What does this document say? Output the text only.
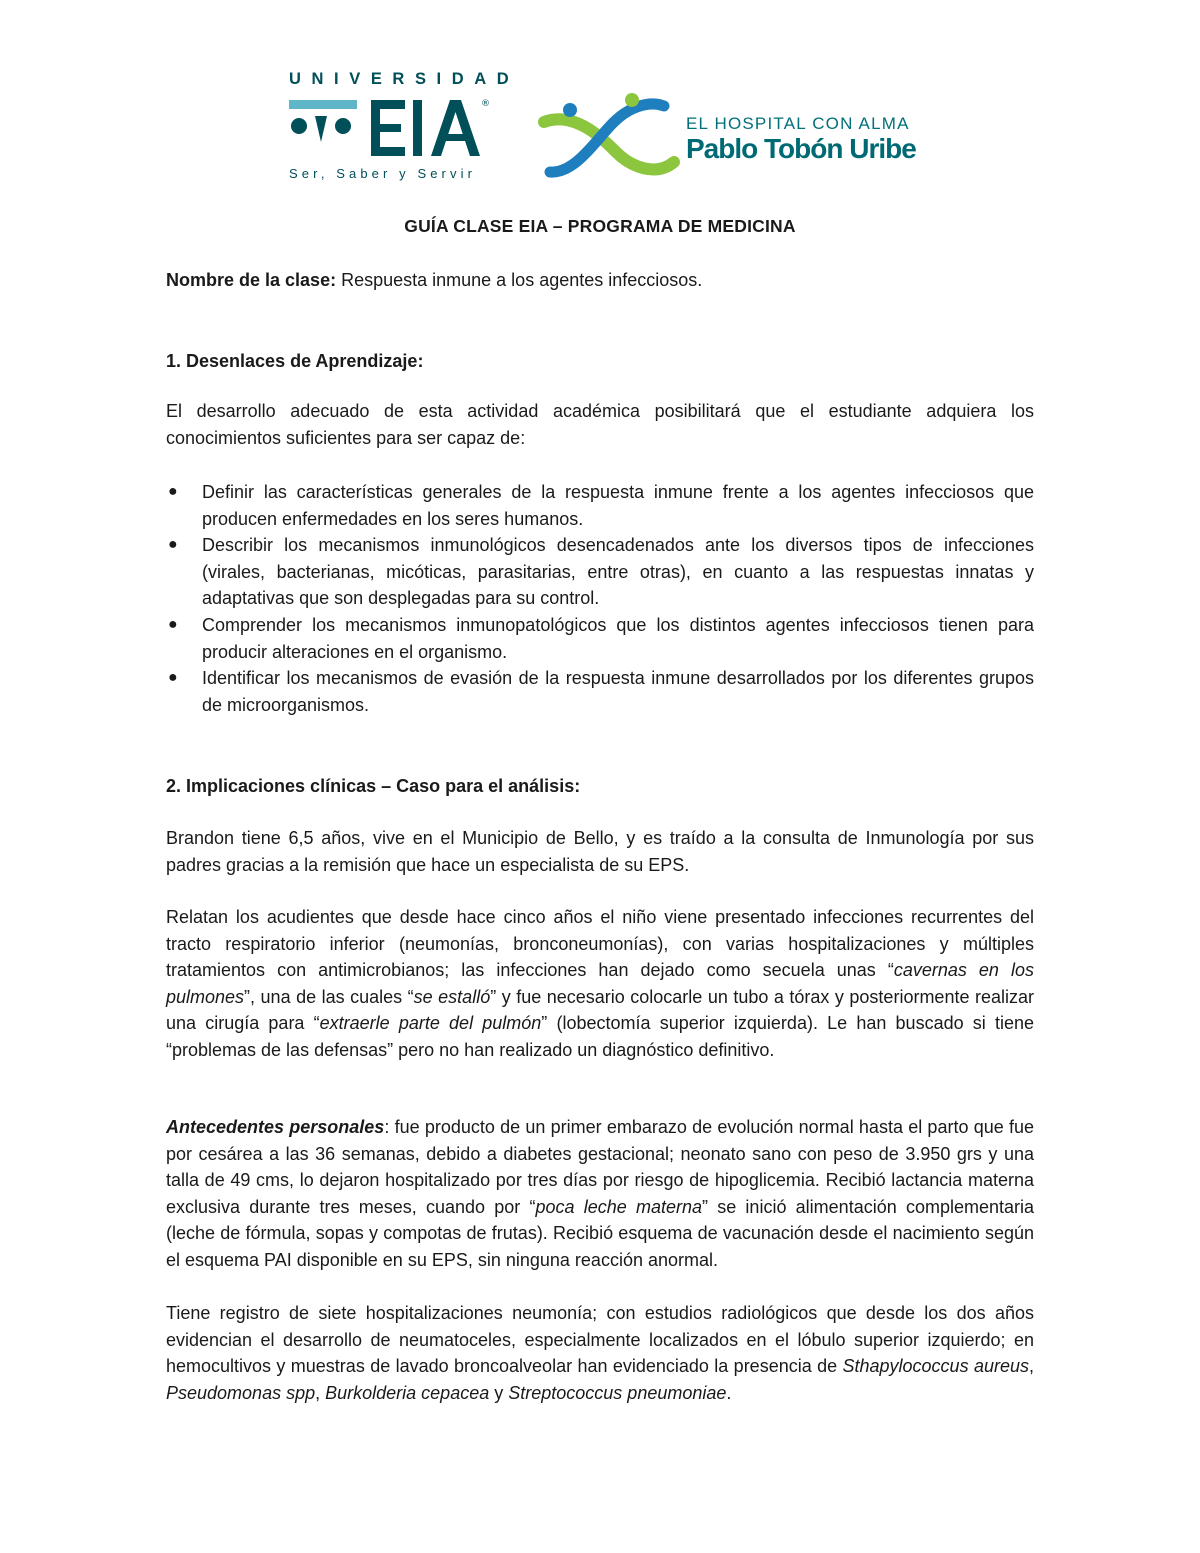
UNIVERSIDAD
®
Ser, Saber y Servir
EL HOSPITAL CON ALMA
Pablo Tobón Uribe
GUÍA CLASE EIA – PROGRAMA DE MEDICINA
Nombre de la clase: Respuesta inmune a los agentes infecciosos.
1. Desenlaces de Aprendizaje:
El desarrollo adecuado de esta actividad académica posibilitará que el estudiante adquiera los conocimientos suficientes para ser capaz de:
● Definir las características generales de la respuesta inmune frente a los agentes infecciosos que producen enfermedades en los seres humanos.
● Describir los mecanismos inmunológicos desencadenados ante los diversos tipos de infecciones (virales, bacterianas, micóticas, parasitarias, entre otras), en cuanto a las respuestas innatas y adaptativas que son desplegadas para su control.
● Comprender los mecanismos inmunopatológicos que los distintos agentes infecciosos tienen para producir alteraciones en el organismo.
● Identificar los mecanismos de evasión de la respuesta inmune desarrollados por los diferentes grupos de microorganismos.
2. Implicaciones clínicas – Caso para el análisis:
Brandon tiene 6,5 años, vive en el Municipio de Bello, y es traído a la consulta de Inmunología por sus padres gracias a la remisión que hace un especialista de su EPS.
Relatan los acudientes que desde hace cinco años el niño viene presentado infecciones recurrentes del tracto respiratorio inferior (neumonías, bronconeumonías), con varias hospitalizaciones y múltiples tratamientos con antimicrobianos; las infecciones han dejado como secuela unas “cavernas en los pulmones”, una de las cuales “se estalló” y fue necesario colocarle un tubo a tórax y posteriormente realizar una cirugía para “extraerle parte del pulmón” (lobectomía superior izquierda). Le han buscado si tiene “problemas de las defensas” pero no han realizado un diagnóstico definitivo.
Antecedentes personales: fue producto de un primer embarazo de evolución normal hasta el parto que fue por cesárea a las 36 semanas, debido a diabetes gestacional; neonato sano con peso de 3.950 grs y una talla de 49 cms, lo dejaron hospitalizado por tres días por riesgo de hipoglicemia. Recibió lactancia materna exclusiva durante tres meses, cuando por “poca leche materna” se inició alimentación complementaria (leche de fórmula, sopas y compotas de frutas). Recibió esquema de vacunación desde el nacimiento según el esquema PAI disponible en su EPS, sin ninguna reacción anormal.
Tiene registro de siete hospitalizaciones neumonía; con estudios radiológicos que desde los dos años evidencian el desarrollo de neumatoceles, especialmente localizados en el lóbulo superior izquierdo; en hemocultivos y muestras de lavado broncoalveolar han evidenciado la presencia de Sthapylococcus aureus, Pseudomonas spp, Burkolderia cepacea y Streptococcus pneumoniae.
